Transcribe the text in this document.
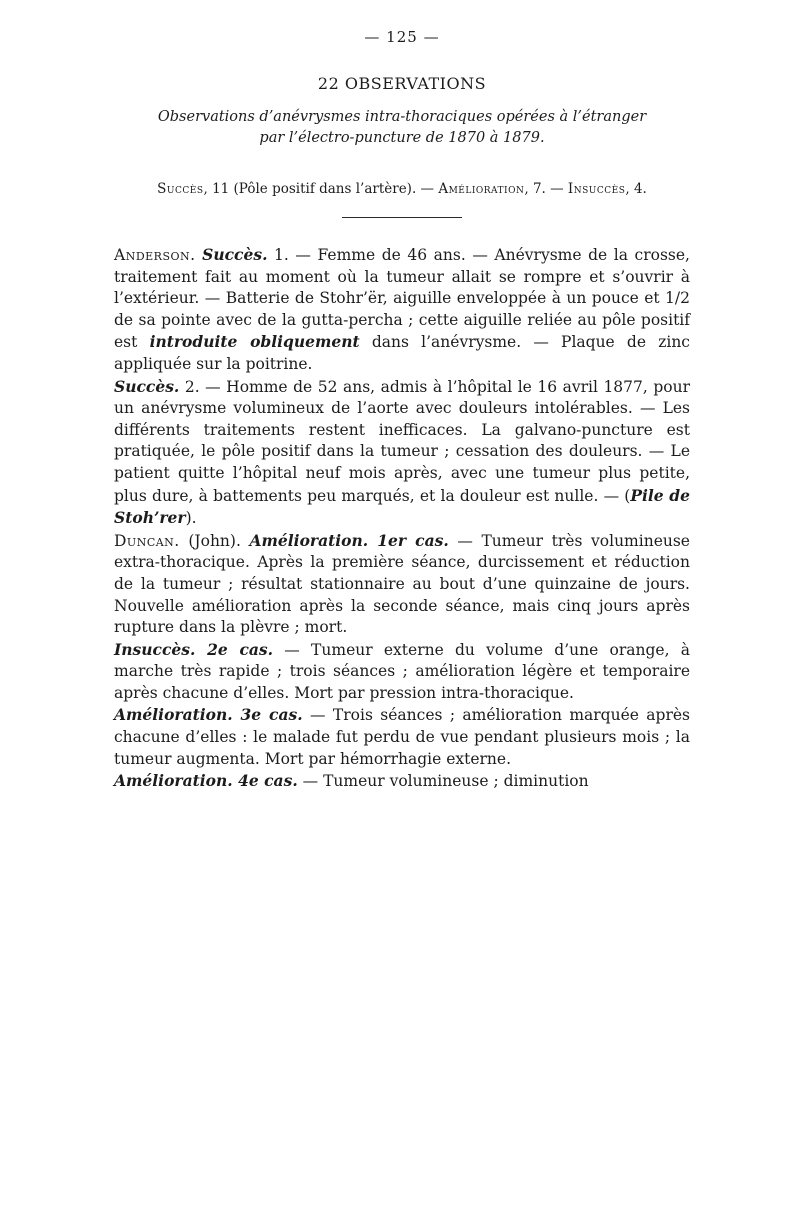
— 125 —
22 OBSERVATIONS
Observations d’anévrysmes intra-thoraciques opérées à l’étranger par l’électro-puncture de 1870 à 1879.
Succès, 11 (Pôle positif dans l’artère). — Amélioration, 7. — Insuccès, 4.

Anderson. Succès. 1. — Femme de 46 ans. — Anévrysme de la crosse, traitement fait au moment où la tumeur allait se rompre et s’ouvrir à l’extérieur. — Batterie de Stohr’ër, aiguille enveloppée à un pouce et 1/2 de sa pointe avec de la gutta-percha ; cette aiguille reliée au pôle positif est introduite obliquement dans l’anévrysme. — Plaque de zinc appliquée sur la poitrine.

Succès. 2. — Homme de 52 ans, admis à l’hôpital le 16 avril 1877, pour un anévrysme volumineux de l’aorte avec douleurs intolérables. — Les différents traitements restent inefficaces. La galvano-puncture est pratiquée, le pôle positif dans la tumeur ; cessation des douleurs. — Le patient quitte l’hôpital neuf mois après, avec une tumeur plus petite, plus dure, à battements peu marqués, et la douleur est nulle. — (Pile de Stoh’rer).

Duncan. (John). Amélioration. 1er cas. — Tumeur très volumineuse extra-thoracique. Après la première séance, durcissement et réduction de la tumeur ; résultat stationnaire au bout d’une quinzaine de jours. Nouvelle amélioration après la seconde séance, mais cinq jours après rupture dans la plèvre ; mort.

Insuccès. 2e cas. — Tumeur externe du volume d’une orange, à marche très rapide ; trois séances ; amélioration légère et temporaire après chacune d’elles. Mort par pression intra-thoracique.

Amélioration. 3e cas. — Trois séances ; amélioration marquée après chacune d’elles : le malade fut perdu de vue pendant plusieurs mois ; la tumeur augmenta. Mort par hémorrhagie externe.

Amélioration. 4e cas. — Tumeur volumineuse ; diminution
